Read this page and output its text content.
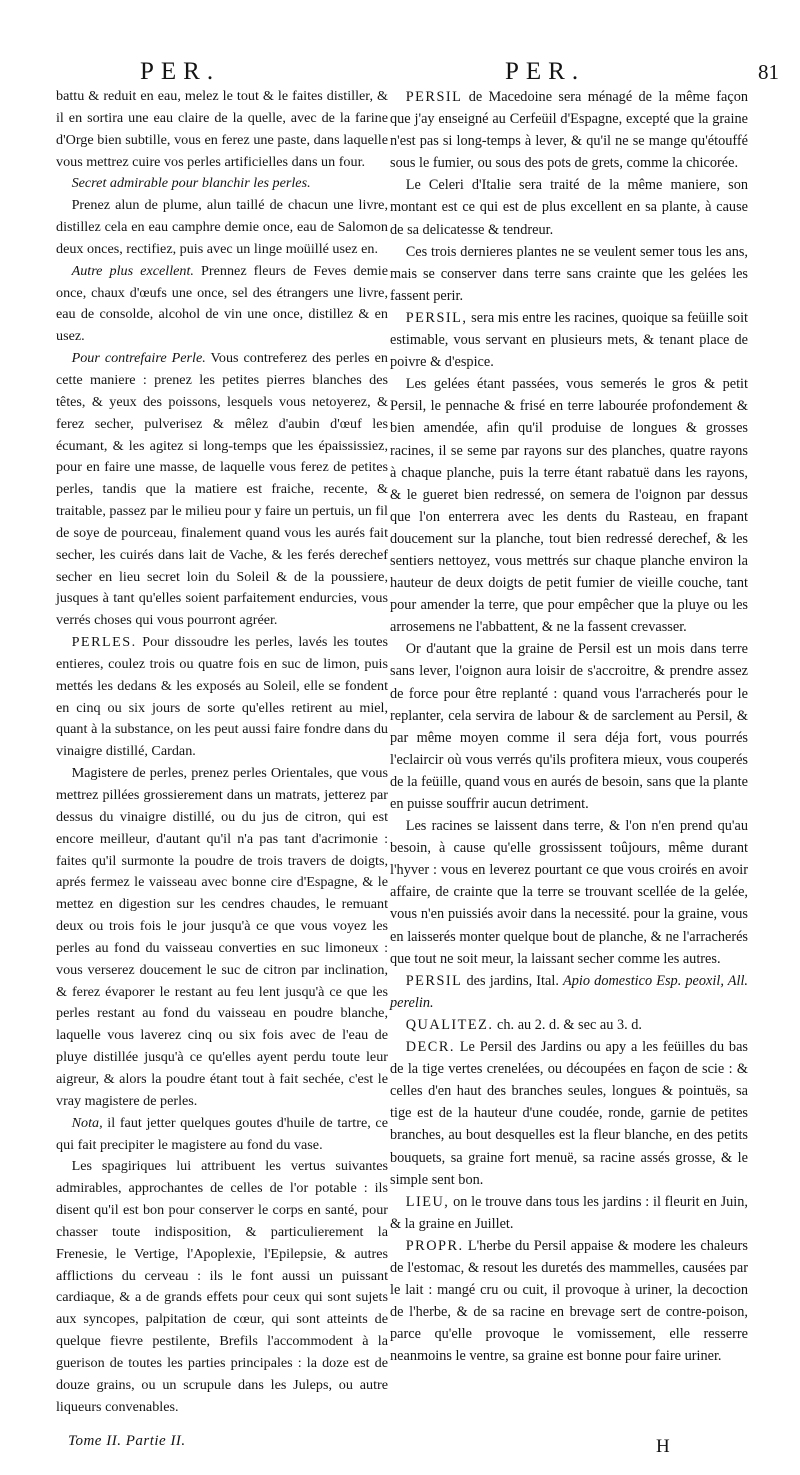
PER.	PER.	81

battu & reduit en eau, melez le tout & le faites distiller, & il en sortira une eau claire de la quelle, avec de la farine d'Orge bien subtille, vous en ferez une paste, dans laquelle vous mettrez cuire vos perles artificielles dans un four.

Secret admirable pour blanchir les perles.

Prenez alun de plume, alun taillé de chacun une livre, distillez cela en eau camphre demie once, eau de Salomon deux onces, rectifiez, puis avec un linge moüillé usez en.

Autre plus excellent. Prennez fleurs de Feves demie once, chaux d'œufs une once, sel des étrangers une livre, eau de consolde, alcohol de vin une once, distillez & en usez.

Pour contrefaire Perle. Vous contreferez des perles en cette maniere : prenez les petites pierres blanches des têtes, & yeux des poissons, lesquels vous netoyerez, & ferez secher, pulverisez & mêlez d'aubin d'œuf les écumant, & les agitez si long-temps que les épaississiez, pour en faire une masse, de laquelle vous ferez de petites perles, tandis que la matiere est fraiche, recente, & traitable, passez par le milieu pour y faire un pertuis, un fil de soye de pourceau, finalement quand vous les aurés fait secher, les cuirés dans lait de Vache, & les ferés derechef secher en lieu secret loin du Soleil & de la poussiere, jusques à tant qu'elles soient parfaitement endurcies, vous verrés choses qui vous pourront agréer.

PERLES. Pour dissoudre les perles, lavés les toutes entieres, coulez trois ou quatre fois en suc de limon, puis mettés les dedans & les exposés au Soleil, elle se fondent en cinq ou six jours de sorte qu'elles retirent au miel, quant à la substance, on les peut aussi faire fondre dans du vinaigre distillé, Cardan.

Magistere de perles, prenez perles Orientales, que vous mettrez pillées grossierement dans un matrats, jetterez par dessus du vinaigre distillé, ou du jus de citron, qui est encore meilleur, d'autant qu'il n'a pas tant d'acrimonie : faites qu'il surmonte la poudre de trois travers de doigts, aprés fermez le vaisseau avec bonne cire d'Espagne, & le mettez en digestion sur les cendres chaudes, le remuant deux ou trois fois le jour jusqu'à ce que vous voyez les perles au fond du vaisseau converties en suc limoneux : vous verserez doucement le suc de citron par inclination, & ferez évaporer le restant au feu lent jusqu'à ce que les perles restant au fond du vaisseau en poudre blanche, laquelle vous laverez cinq ou six fois avec de l'eau de pluye distillée jusqu'à ce qu'elles ayent perdu toute leur aigreur, & alors la poudre étant tout à fait sechée, c'est le vray magistere de perles.

Nota, il faut jetter quelques goutes d'huile de tartre, ce qui fait precipiter le magistere au fond du vase.

Les spagiriques lui attribuent les vertus suivantes admirables, approchantes de celles de l'or potable : ils disent qu'il est bon pour conserver le corps en santé, pour chasser toute indisposition, & particulierement la Frenesie, le Vertige, l'Apoplexie, l'Epilepsie, & autres afflictions du cerveau : ils le font aussi un puissant cardiaque, & a de grands effets pour ceux qui sont sujets aux syncopes, palpitation de cœur, qui sont atteints de quelque fievre pestilente, Brefils l'accommodent à la guerison de toutes les parties principales : la doze est de douze grains, ou un scrupule dans les Juleps, ou autre liqueurs convenables.

PERSIL de Macedoine sera ménagé de la même façon que j'ay enseigné au Cerfeüil d'Espagne, excepté que la graine n'est pas si long-temps à lever, & qu'il ne se mange qu'étouffé sous le fumier, ou sous des pots de grets, comme la chicorée.

Le Celeri d'Italie sera traité de la même maniere, son montant est ce qui est de plus excellent en sa plante, à cause de sa delicatesse & tendreur.

Ces trois dernieres plantes ne se veulent semer tous les ans, mais se conserver dans terre sans crainte que les gelées les fassent perir.

PERSIL, sera mis entre les racines, quoique sa feüille soit estimable, vous servant en plusieurs mets, & tenant place de poivre & d'espice.

Les gelées étant passées, vous semerés le gros & petit Persil, le pennache & frisé en terre labourée profondement & bien amendée, afin qu'il produise de longues & grosses racines, il se seme par rayons sur des planches, quatre rayons à chaque planche, puis la terre étant rabatuë dans les rayons, & le gueret bien redressé, on semera de l'oignon par dessus que l'on enterrera avec les dents du Rasteau, en frapant doucement sur la planche, tout bien redressé derechef, & les sentiers nettoyez, vous mettrés sur chaque planche environ la hauteur de deux doigts de petit fumier de vieille couche, tant pour amender la terre, que pour empêcher que la pluye ou les arrosemens ne l'abbattent, & ne la fassent crevasser.

Or d'autant que la graine de Persil est un mois dans terre sans lever, l'oignon aura loisir de s'accroitre, & prendre assez de force pour être replanté : quand vous l'arracherés pour le replanter, cela servira de labour & de sarclement au Persil, & par même moyen comme il sera déja fort, vous pourrés l'eclaircir où vous verrés qu'ils profitera mieux, vous couperés de la feüille, quand vous en aurés de besoin, sans que la plante en puisse souffrir aucun detriment.

Les racines se laissent dans terre, & l'on n'en prend qu'au besoin, à cause qu'elle grossissent toûjours, même durant l'hyver : vous en leverez pourtant ce que vous croirés en avoir affaire, de crainte que la terre se trouvant scellée de la gelée, vous n'en puissiés avoir dans la necessité. pour la graine, vous en laisserés monter quelque bout de planche, & ne l'arracherés que tout ne soit meur, la laissant secher comme les autres.

PERSIL des jardins, Ital. Apio domestico Esp. peoxil, All. perelin.

QUALITEZ. ch. au 2. d. & sec au 3. d.

DECR. Le Persil des Jardins ou apy a les feüilles du bas de la tige vertes crenelées, ou découpées en façon de scie : & celles d'en haut des branches seules, longues & pointuës, sa tige est de la hauteur d'une coudée, ronde, garnie de petites branches, au bout desquelles est la fleur blanche, en des petits bouquets, sa graine fort menuë, sa racine assés grosse, & le simple sent bon.

LIEU, on le trouve dans tous les jardins : il fleurit en Juin, & la graine en Juillet.

PROPR. L'herbe du Persil appaise & modere les chaleurs de l'estomac, & resout les duretés des mammelles, causées par le lait : mangé cru ou cuit, il provoque à uriner, la decoction de l'herbe, & de sa racine en brevage sert de contre-poison, parce qu'elle provoque le vomissement, elle resserre neanmoins le ventre, sa graine est bonne pour faire uriner.

Tome II. Partie II.	H
